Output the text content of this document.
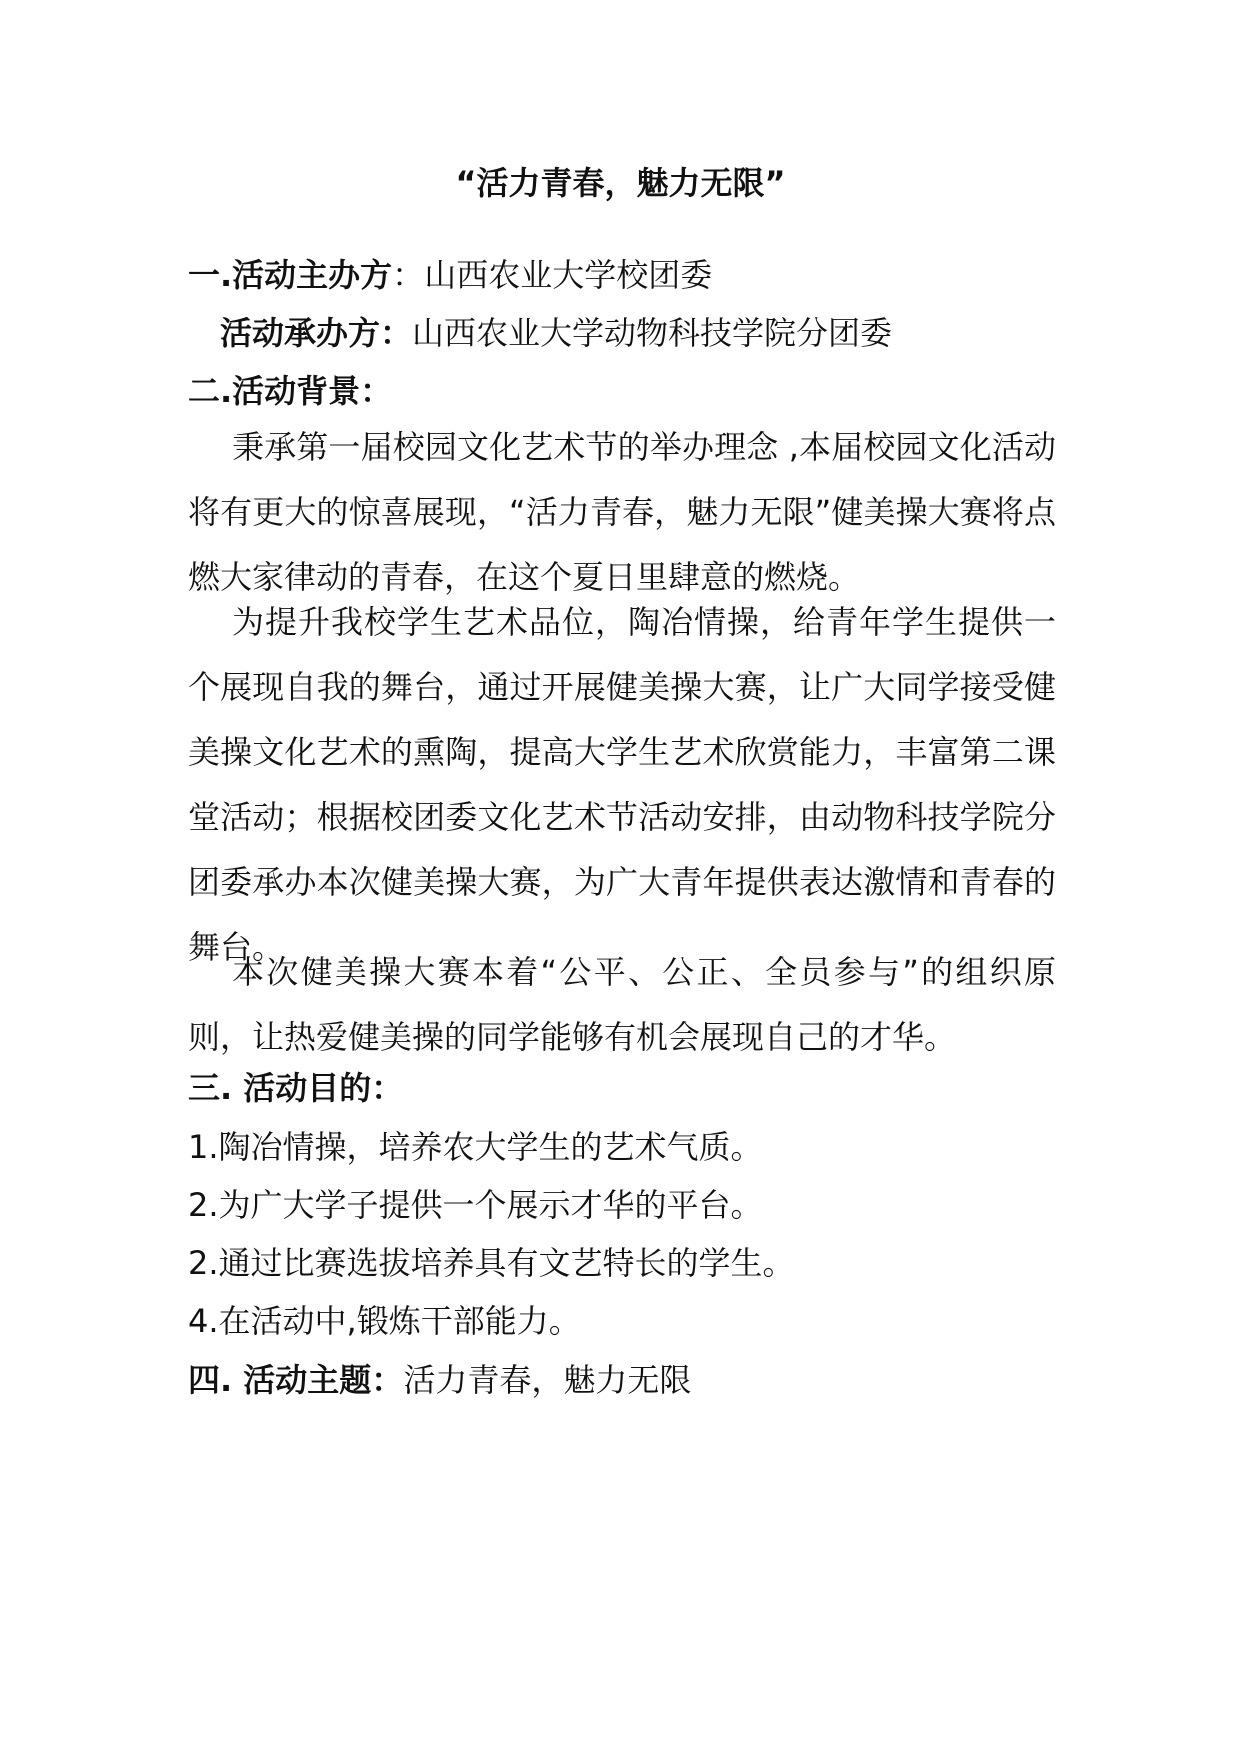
“活力青春，魅力无限”
一.活动主办方：山西农业大学校团委
活动承办方：山西农业大学动物科技学院分团委
二.活动背景：
秉承第一届校园文化艺术节的举办理念 ,本届校园文化活动将有更大的惊喜展现，“活力青春，魅力无限”健美操大赛将点燃大家律动的青春，在这个夏日里肆意的燃烧。
为提升我校学生艺术品位，陶冶情操，给青年学生提供一个展现自我的舞台，通过开展健美操大赛，让广大同学接受健美操文化艺术的熏陶，提高大学生艺术欣赏能力，丰富第二课堂活动；根据校团委文化艺术节活动安排，由动物科技学院分团委承办本次健美操大赛，为广大青年提供表达激情和青春的舞台。
本次健美操大赛本着“公平、公正、全员参与”的组织原则，让热爱健美操的同学能够有机会展现自己的才华。
三. 活动目的：
1.陶冶情操，培养农大学生的艺术气质。
2.为广大学子提供一个展示才华的平台。
2.通过比赛选拔培养具有文艺特长的学生。
4.在活动中,锻炼干部能力。
四. 活动主题：活力青春，魅力无限
